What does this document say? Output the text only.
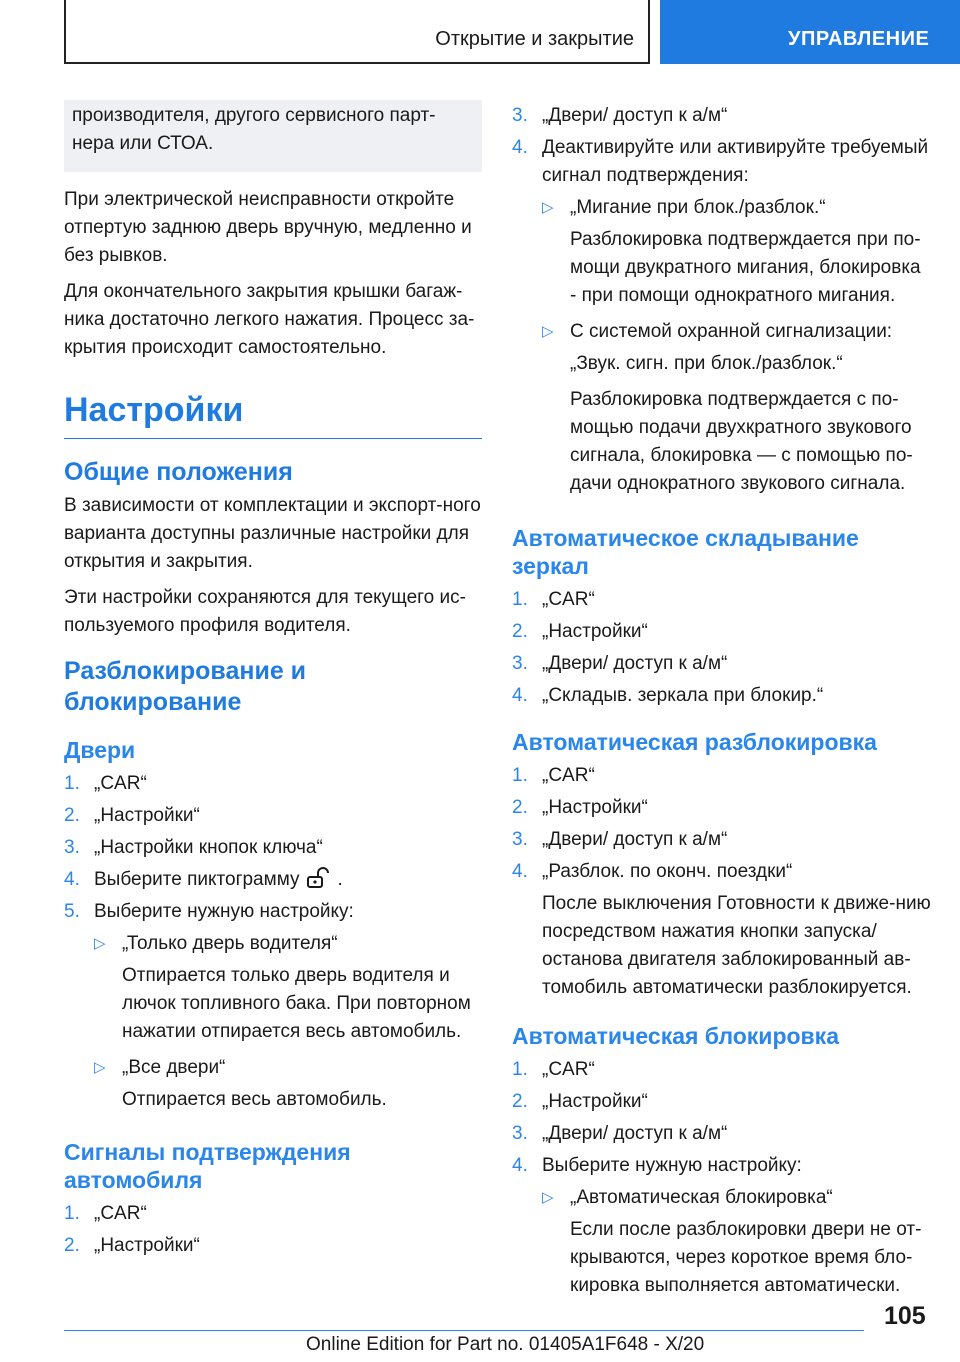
Открытие и закрытие	УПРАВЛЕНИЕ

производителя, другого сервисного парт-нера или СТОА.

При электрической неисправности откройте отпертую заднюю дверь вручную, медленно и без рывков.

Для окончательного закрытия крышки багаж-ника достаточно легкого нажатия. Процесс за-крытия происходит самостоятельно.

Настройки
Общие положения

В зависимости от комплектации и экспорт-ного варианта доступны различные настройки для открытия и закрытия.

Эти настройки сохраняются для текущего ис-пользуемого профиля водителя.

Разблокирование и блокирование
Двери
1. „CAR“
2. „Настройки“
3. „Настройки кнопок ключа“
4. Выберите пиктограмму .
5. Выберите нужную настройку:
▷ „Только дверь водителя“

Отпирается только дверь водителя и лючок топливного бака. При повторном нажатии отпирается весь автомобиль.

▷ „Все двери“

Отпирается весь автомобиль.

Сигналы подтверждения автомобиля
1. „CAR“
2. „Настройки“
3. „Двери/ доступ к а/м“
4. Деактивируйте или активируйте требуемый сигнал подтверждения:
▷ „Мигание при блок./разблок.“

Разблокировка подтверждается при по-мощи двукратного мигания, блокировка - при помощи однократного мигания.

▷ С системой охранной сигнализации:

„Звук. сигн. при блок./разблок.“

Разблокировка подтверждается с по-мощью подачи двухкратного звукового сигнала, блокировка — с помощью по-дачи однократного звукового сигнала.

Автоматическое складывание зеркал
1. „CAR“
2. „Настройки“
3. „Двери/ доступ к а/м“
4. „Складыв. зеркала при блокир.“
Автоматическая разблокировка
1. „CAR“
2. „Настройки“
3. „Двери/ доступ к а/м“
4. „Разблок. по оконч. поездки“

После выключения Готовности к движе-нию посредством нажатия кнопки запуска/ останова двигателя заблокированный ав-томобиль автоматически разблокируется.

Автоматическая блокировка
1. „CAR“
2. „Настройки“
3. „Двери/ доступ к а/м“
4. Выберите нужную настройку:
▷ „Автоматическая блокировка“

Если после разблокировки двери не от-крываются, через короткое время бло-кировка выполняется автоматически.

105
Online Edition for Part no. 01405A1F648 - X/20
